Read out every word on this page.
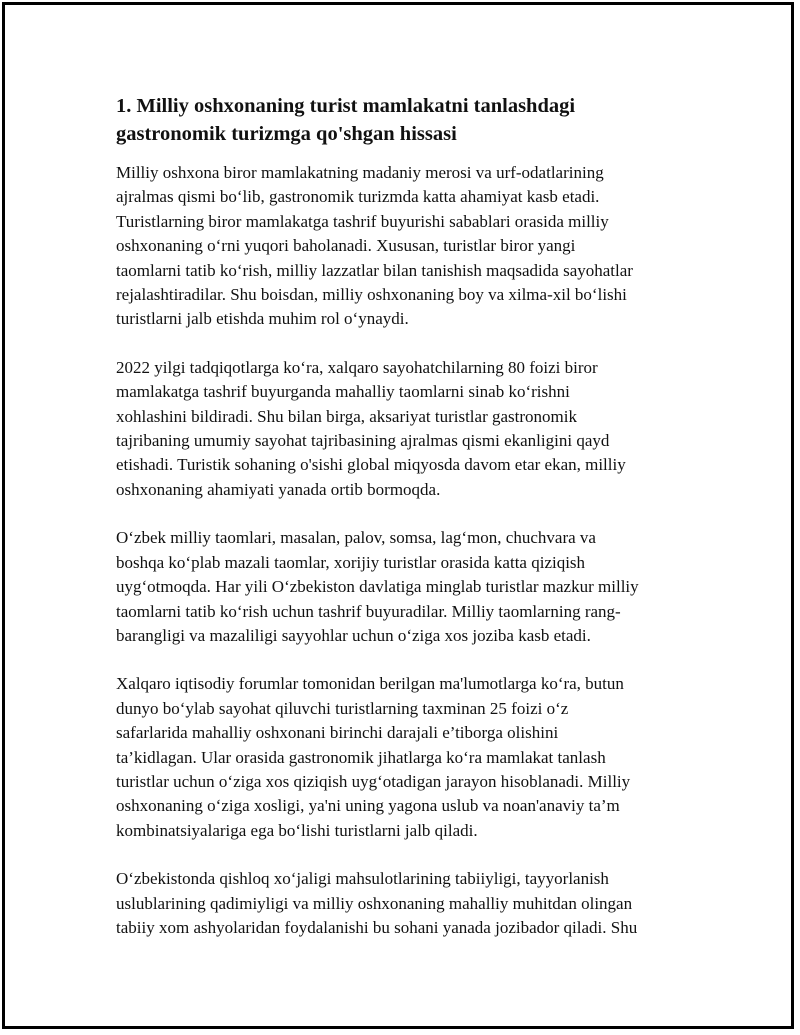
1. Milliy oshxonaning turist mamlakatni tanlashdagi
gastronomik turizmga qo'shgan hissasi

Milliy oshxona biror mamlakatning madaniy merosi va urf-odatlarining
ajralmas qismi bo‘lib, gastronomik turizmda katta ahamiyat kasb etadi.
Turistlarning biror mamlakatga tashrif buyurishi sabablari orasida milliy
oshxonaning o‘rni yuqori baholanadi. Xususan, turistlar biror yangi
taomlarni tatib ko‘rish, milliy lazzatlar bilan tanishish maqsadida sayohatlar
rejalashtiradilar. Shu boisdan, milliy oshxonaning boy va xilma-xil bo‘lishi
turistlarni jalb etishda muhim rol o‘ynaydi.

2022 yilgi tadqiqotlarga ko‘ra, xalqaro sayohatchilarning 80 foizi biror
mamlakatga tashrif buyurganda mahalliy taomlarni sinab ko‘rishni
xohlashini bildiradi. Shu bilan birga, aksariyat turistlar gastronomik
tajribaning umumiy sayohat tajribasining ajralmas qismi ekanligini qayd
etishadi. Turistik sohaning o'sishi global miqyosda davom etar ekan, milliy
oshxonaning ahamiyati yanada ortib bormoqda.

O‘zbek milliy taomlari, masalan, palov, somsa, lag‘mon, chuchvara va
boshqa ko‘plab mazali taomlar, xorijiy turistlar orasida katta qiziqish
uyg‘otmoqda. Har yili O‘zbekiston davlatiga minglab turistlar mazkur milliy
taomlarni tatib ko‘rish uchun tashrif buyuradilar. Milliy taomlarning rang-
barangligi va mazaliligi sayyohlar uchun o‘ziga xos joziba kasb etadi.

Xalqaro iqtisodiy forumlar tomonidan berilgan ma'lumotlarga ko‘ra, butun
dunyo bo‘ylab sayohat qiluvchi turistlarning taxminan 25 foizi o‘z
safarlarida mahalliy oshxonani birinchi darajali e’tiborga olishini
ta’kidlagan. Ular orasida gastronomik jihatlarga ko‘ra mamlakat tanlash
turistlar uchun o‘ziga xos qiziqish uyg‘otadigan jarayon hisoblanadi. Milliy
oshxonaning o‘ziga xosligi, ya'ni uning yagona uslub va noan'anaviy ta’m
kombinatsiyalariga ega bo‘lishi turistlarni jalb qiladi.

O‘zbekistonda qishloq xo‘jaligi mahsulotlarining tabiiyligi, tayyorlanish
uslublarining qadimiyligi va milliy oshxonaning mahalliy muhitdan olingan
tabiiy xom ashyolaridan foydalanishi bu sohani yanada jozibador qiladi. Shu
